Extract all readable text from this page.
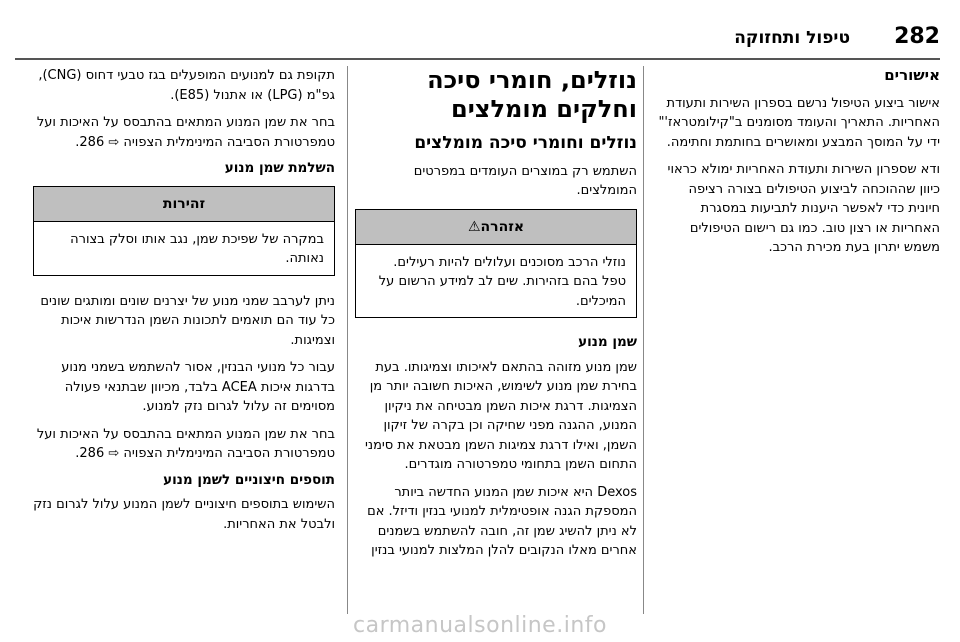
282
טיפול ותחזוקה
אישורים

אישור ביצוע הטיפול נרשם בספרון השירות ותעודת האחריות. התאריך והעומד מסומנים ב"קילומטראז'" ידי על המוסך המבצע ומאושרים בחותמת וחתימה.

ודא שספרון השירות ותעודת האחריות ימולא כראוי כיוון שההוכחה לביצוע הטיפולים בצורה רציפה חיונית כדי לאפשר היענות לתביעות במסגרת האחריות או רצון טוב. כמו גם רישום הטיפולים משמש יתרון בעת מכירת הרכב.

נוזלים, חומרי סיכה וחלקים מומלצים
נוזלים וחומרי סיכה מומלצים

השתמש רק במוצרים העומדים במפרטים המומלצים.

אזהרה⚠

נוזלי הרכב מסוכנים ועלולים להיות רעילים. טפל בהם בזהירות. שים לב למידע הרשום על המיכלים.

שמן מנוע

שמן מנוע מזוהה בהתאם לאיכותו וצמיגותו. בעת בחירת שמן מנוע לשימוש, האיכות חשובה יותר מן הצמיגות. דרגת איכות השמן מבטיחה את ניקיון המנוע, ההגנה מפני שחיקה וכן בקרה של זיקון השמן, ואילו דרגת צמיגות השמן מבטאת את סימני התחום השמן בתחומי טמפרטורה מוגדרים.

Dexos היא איכות שמן המנוע החדשה ביותר המספקת הגנה אופטימלית למנועי בנזין ודיזל. אם לא ניתן להשיג שמן זה, חובה להשתמש בשמנים אחרים מאלו הנקובים להלן המלצות למנועי בנזין

תקופת גם למנועים המופעלים בגז טבעי דחוס (CNG), גפ"מ (LPG) או אתנול (E85).

בחר את שמן המנוע המתאים בהתבסס על האיכות ועל טמפרטורת הסביבה המינימלית הצפויה ⇨ 286.

השלמת שמן מנוע
זהירות

במקרה של שפיכת שמן, נגב אותו וסלק בצורה נאותה.

ניתן לערבב שמני מנוע של יצרנים שונים ומותגים שונים כל עוד הם תואמים לתכונות השמן הנדרשות איכות וצמיגות.

עבור כל מנועי הבנזין, אסור להשתמש בשמני מנוע בדרגות איכות ACEA בלבד, מכיוון שבתנאי פעולה מסוימים זה עלול לגרום נזק למנוע.

בחר את שמן המנוע המתאים בהתבסס על האיכות ועל טמפרטורת הסביבה המינימלית הצפויה ⇨ 286.

תוספים חיצוניים לשמן מנוע

השימוש בתוספים חיצוניים לשמן המנוע עלול לגרום נזק ולבטל את האחריות.

carmanualsonline.info
